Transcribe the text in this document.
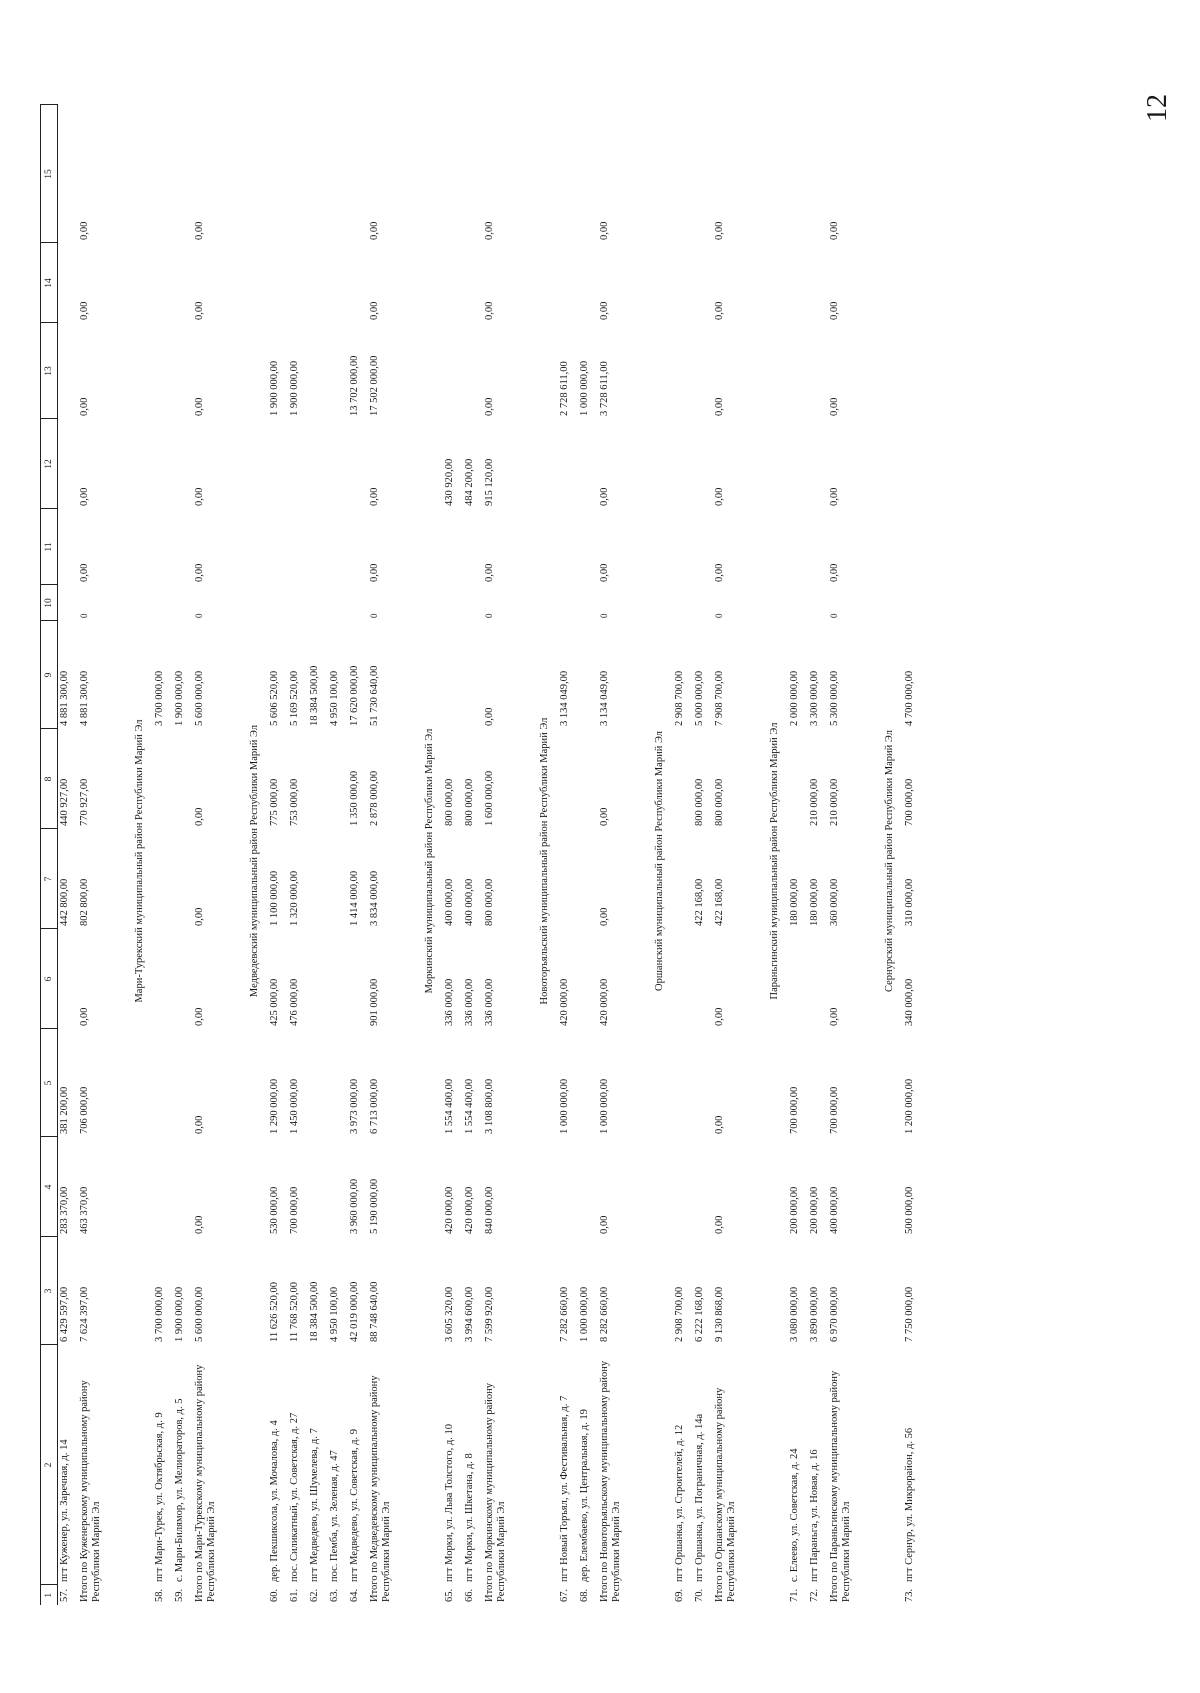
12
1	2	3	4	5	6	7	8	9	10	11	12	13	14	15
57.	пгт Куженер, ул. Заречная, д. 14	6 429 597,00	283 370,00	381 200,00		442 800,00	440 927,00	4 881 300,00						
Итого по Куженерскому муниципальному району Республики Марий Эл		7 624 397,00	463 370,00	706 000,00	0,00	802 800,00	770 927,00	4 881 300,00	0	0,00	0,00	0,00	0,00	0,00

				Мари-Турекский муниципальный район Республики Марий Эл										
58.	пгт Мари-Турек, ул. Октябрьская, д. 9	3 700 000,00						3 700 000,00						
59.	с. Мари-Билямор, ул. Мелиораторов, д. 5	1 900 000,00						1 900 000,00						
Итого по Мари-Турекскому муниципальному району Республики Марий Эл		5 600 000,00	0,00	0,00	0,00	0,00	0,00	5 600 000,00	0	0,00	0,00	0,00	0,00	0,00

				Медведевский муниципальный район Республики Марий Эл										
60.	дер. Пекшиксола, ул. Мочалова, д. 4	11 626 520,00	530 000,00	1 290 000,00	425 000,00	1 100 000,00	775 000,00	5 606 520,00				1 900 000,00		
61.	пос. Силикатный, ул. Советская, д. 27	11 768 520,00	700 000,00	1 450 000,00	476 000,00	1 320 000,00	753 000,00	5 169 520,00				1 900 000,00		
62.	пгт Медведево, ул. Шумелева, д. 7	18 384 500,00						18 384 500,00						
63.	пос. Пемба, ул. Зеленая, д. 47	4 950 100,00						4 950 100,00						
64.	пгт Медведево, ул. Советская, д. 9	42 019 000,00	3 960 000,00	3 973 000,00		1 414 000,00	1 350 000,00	17 620 000,00				13 702 000,00		
Итого по Медведевскому муниципальному району Республики Марий Эл		88 748 640,00	5 190 000,00	6 713 000,00	901 000,00	3 834 000,00	2 878 000,00	51 730 640,00	0	0,00	0,00	17 502 000,00	0,00	0,00

				Моркинский муниципальный район Республики Марий Эл										
65.	пгт Морки, ул. Льва Толстого, д. 10	3 605 320,00	420 000,00	1 554 400,00	336 000,00	400 000,00	800 000,00				430 920,00			
66.	пгт Морки, ул. Шкетана, д. 8	3 994 600,00	420 000,00	1 554 400,00	336 000,00	400 000,00	800 000,00				484 200,00			
Итого по Моркинскому муниципальному району Республики Марий Эл		7 599 920,00	840 000,00	3 108 800,00	336 000,00	800 000,00	1 600 000,00	0,00	0	0,00	915 120,00	0,00	0,00	0,00

				Новоторъяльский муниципальный район Республики Марий Эл										
67.	пгт Новый Торъял, ул. Фестивальная, д. 7	7 282 660,00		1 000 000,00	420 000,00			3 134 049,00				2 728 611,00		
68.	дер. Елембаево, ул. Центральная, д. 19	1 000 000,00										1 000 000,00		
Итого по Новоторъяльскому муниципальному району Республики Марий Эл		8 282 660,00	0,00	1 000 000,00	420 000,00	0,00	0,00	3 134 049,00	0	0,00	0,00	3 728 611,00	0,00	0,00

				Оршанский муниципальный район Республики Марий Эл										
69.	пгт Оршанка, ул. Строителей, д. 12	2 908 700,00						2 908 700,00						
70.	пгт Оршанка, ул. Пограничная, д. 14а	6 222 168,00				422 168,00	800 000,00	5 000 000,00						
Итого по Оршанскому муниципальному району Республики Марий Эл		9 130 868,00	0,00	0,00	0,00	422 168,00	800 000,00	7 908 700,00	0	0,00	0,00	0,00	0,00	0,00

				Параньгинский муниципальный район Республики Марий Эл										
71.	с. Елеево, ул. Советская, д. 24	3 080 000,00	200 000,00	700 000,00		180 000,00		2 000 000,00						
72.	пгт Параньга, ул. Новая, д. 16	3 890 000,00	200 000,00			180 000,00	210 000,00	3 300 000,00						
Итого по Параньгинскому муниципальному району Республики Марий Эл		6 970 000,00	400 000,00	700 000,00	0,00	360 000,00	210 000,00	5 300 000,00	0	0,00	0,00	0,00	0,00	0,00

				Сернурский муниципальный район Республики Марий Эл										
73.	пгт Сернур, ул. Микрорайон, д. 56	7 750 000,00	500 000,00	1 200 000,00	340 000,00	310 000,00	700 000,00	4 700 000,00						
